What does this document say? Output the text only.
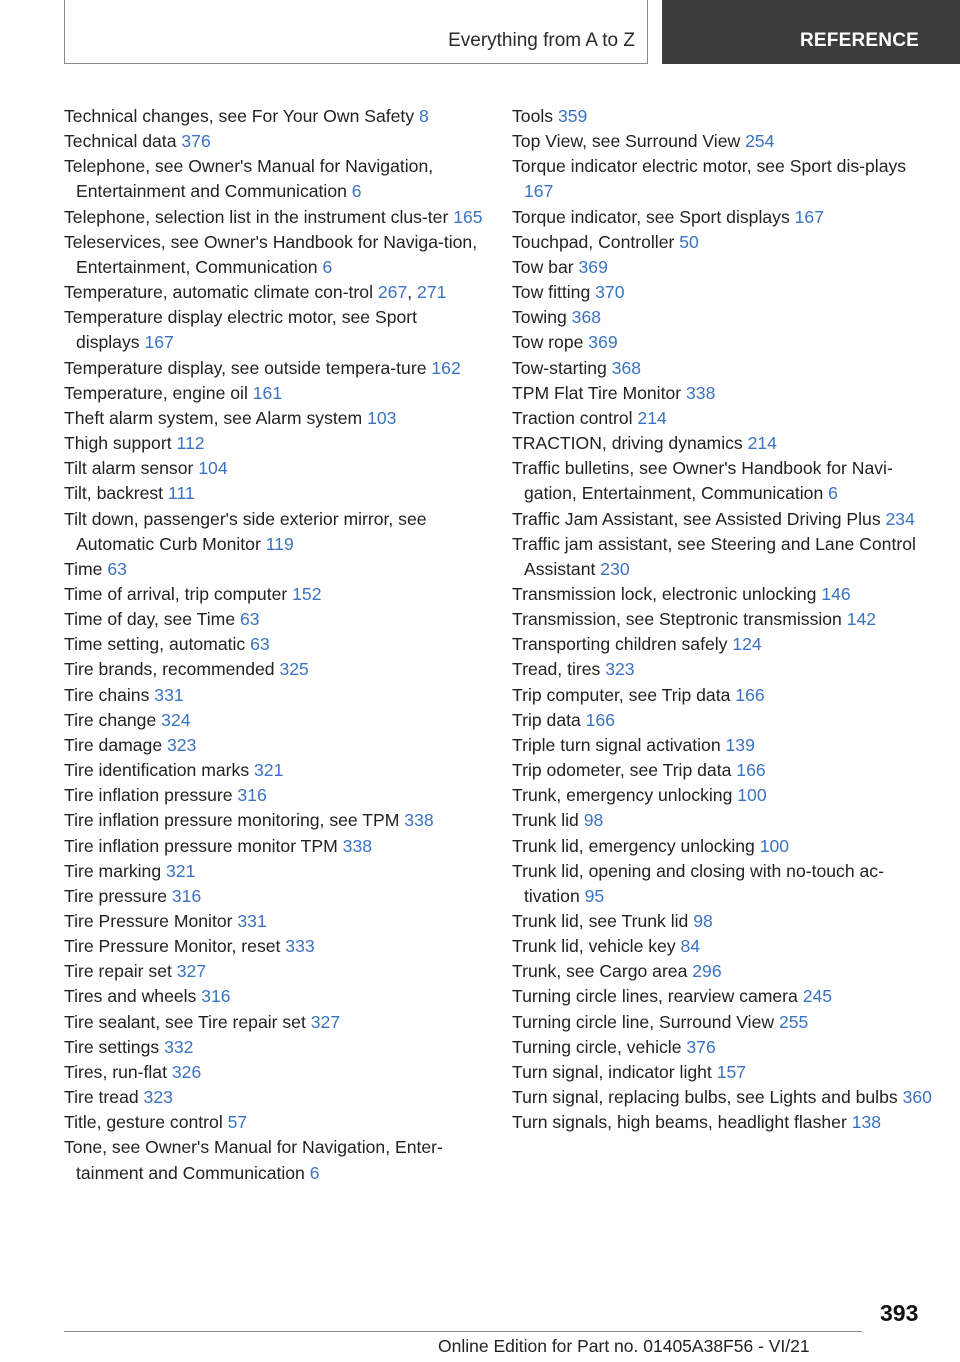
Everything from A to Z	REFERENCE
Technical changes, see For Your Own Safety 8
Technical data 376
Telephone, see Owner's Manual for Navigation, Entertainment and Communication 6
Telephone, selection list in the instrument clus‐ter 165
Teleservices, see Owner's Handbook for Naviga‐tion, Entertainment, Communication 6
Temperature, automatic climate con‐trol 267, 271
Temperature display electric motor, see Sport displays 167
Temperature display, see outside tempera‐ture 162
Temperature, engine oil 161
Theft alarm system, see Alarm system 103
Thigh support 112
Tilt alarm sensor 104
Tilt, backrest 111
Tilt down, passenger's side exterior mirror, see Automatic Curb Monitor 119
Time 63
Time of arrival, trip computer 152
Time of day, see Time 63
Time setting, automatic 63
Tire brands, recommended 325
Tire chains 331
Tire change 324
Tire damage 323
Tire identification marks 321
Tire inflation pressure 316
Tire inflation pressure monitoring, see TPM 338
Tire inflation pressure monitor TPM 338
Tire marking 321
Tire pressure 316
Tire Pressure Monitor 331
Tire Pressure Monitor, reset 333
Tire repair set 327
Tires and wheels 316
Tire sealant, see Tire repair set 327
Tire settings 332
Tires, run-flat 326
Tire tread 323
Title, gesture control 57
Tone, see Owner's Manual for Navigation, Enter‐tainment and Communication 6
Tools 359
Top View, see Surround View 254
Torque indicator electric motor, see Sport dis‐plays 167
Torque indicator, see Sport displays 167
Touchpad, Controller 50
Tow bar 369
Tow fitting 370
Towing 368
Tow rope 369
Tow-starting 368
TPM Flat Tire Monitor 338
Traction control 214
TRACTION, driving dynamics 214
Traffic bulletins, see Owner's Handbook for Navi‐gation, Entertainment, Communication 6
Traffic Jam Assistant, see Assisted Driving Plus 234
Traffic jam assistant, see Steering and Lane Control Assistant 230
Transmission lock, electronic unlocking 146
Transmission, see Steptronic transmission 142
Transporting children safely 124
Tread, tires 323
Trip computer, see Trip data 166
Trip data 166
Triple turn signal activation 139
Trip odometer, see Trip data 166
Trunk, emergency unlocking 100
Trunk lid 98
Trunk lid, emergency unlocking 100
Trunk lid, opening and closing with no-touch ac‐tivation 95
Trunk lid, see Trunk lid 98
Trunk lid, vehicle key 84
Trunk, see Cargo area 296
Turning circle lines, rearview camera 245
Turning circle line, Surround View 255
Turning circle, vehicle 376
Turn signal, indicator light 157
Turn signal, replacing bulbs, see Lights and bulbs 360
Turn signals, high beams, headlight flasher 138
393
Online Edition for Part no. 01405A38F56 - VI/21
